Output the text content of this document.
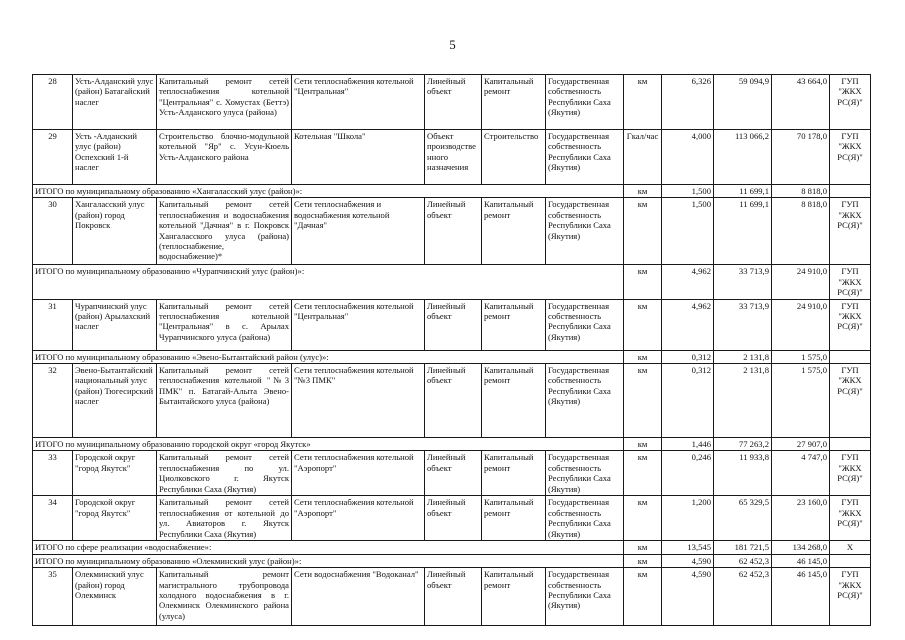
5
28	Усть-Алданский улус (район) Батагайский наслег	Капитальный ремонт сетей теплоснабжения котельной "Центральная" с. Хомустах (Беттэ) Усть-Алданского улуса (района)	Сети теплоснабжения котельной "Центральная"	Линейный объект	Капитальный ремонт	Государственная собственность Республики Саха (Якутия)	км	6,326	59 094,9	43 664,0	ГУП "ЖКХ РС(Я)"
29	Усть -Алданский улус (район) Оспехский 1-й наслег	Строительство блочно-модульной котельной "Яр" с. Усун-Кюель Усть-Алданского района	Котельная "Школа"	Объект производственного назначения	Строительство	Государственная собственность Республики Саха (Якутия)	Гкал/час	4,000	113 066,2	70 178,0	ГУП "ЖКХ РС(Я)"
ИТОГО по муниципальному образованию «Хангаласский улус (район)»:							км	1,500	11 699,1	8 818,0	
30	Хангаласский улус (район) город Покровск	Капитальный ремонт сетей теплоснабжения и водоснабжения котельной "Дачная" в г. Покровск Хангаласского улуса (района)(теплоснабжение, водоснабжение)*	Сети теплоснабжения и водоснабжения котельной "Дачная"	Линейный объект	Капитальный ремонт	Государственная собственность Республики Саха (Якутия)	км	1,500	11 699,1	8 818,0	ГУП "ЖКХ РС(Я)"
ИТОГО по муниципальному образованию «Чурапчинский улус (район)»:							км	4,962	33 713,9	24 910,0	ГУП "ЖКХ РС(Я)"
31	Чурапчинский улус (район) Арылахский наслег	Капитальный ремонт сетей теплоснабжения котельной "Центральная" в с. Арылах Чурапчинского улуса (района)	Сети теплоснабжения котельной "Центральная"	Линейный объект	Капитальный ремонт	Государственная собственность Республики Саха (Якутия)	км	4,962	33 713,9	24 910,0	ГУП "ЖКХ РС(Я)"
ИТОГО по муниципальному образованию «Эвено-Бытантайский район (улус)»:							км	0,312	2 131,8	1 575,0	
32	Эвено-Бытантайский национальный улус (район) Тюгесирский наслег	Капитальный ремонт сетей теплоснабжения котельной "№3 ПМК" п. Батагай-Алыта Эвено-Бытантайского улуса (района)	Сети теплоснабжения котельной "№3 ПМК"	Линейный объект	Капитальный ремонт	Государственная собственность Республики Саха (Якутия)	км	0,312	2 131,8	1 575,0	ГУП "ЖКХ РС(Я)"
ИТОГО по муниципальному образованию городской округ «город Якутск»							км	1,446	77 263,2	27 907,0	
33	Городской округ "город Якутск"	Капитальный ремонт сетей теплоснабжения по ул. Циолковского г. Якутск Республики Саха (Якутия)	Сети теплоснабжения котельной "Аэропорт"	Линейный объект	Капитальный ремонт	Государственная собственность Республики Саха (Якутия)	км	0,246	11 933,8	4 747,0	ГУП "ЖКХ РС(Я)"
34	Городской округ "город Якутск"	Капитальный ремонт сетей теплоснабжения от котельной до ул. Авиаторов г. Якутск Республики Саха (Якутия)	Сети теплоснабжения котельной "Аэропорт"	Линейный объект	Капитальный ремонт	Государственная собственность Республики Саха (Якутия)	км	1,200	65 329,5	23 160,0	ГУП "ЖКХ РС(Я)"
ИТОГО по сфере реализации «водоснабжение»:							км	13,545	181 721,5	134 268,0	Х
ИТОГО по муниципальному образованию «Олекминский улус (район)»:							км	4,590	62 452,3	46 145,0	
35	Олекминский улус (район) город Олекминск	Капитальный ремонт магистрального трубопровода холодного водоснабжения в г. Олекминск Олекминского района (улуса)	Сети водоснабжения "Водоканал"	Линейный объект	Капитальный ремонт	Государственная собственность Республики Саха (Якутия)	км	4,590	62 452,3	46 145,0	ГУП "ЖКХ РС(Я)"
